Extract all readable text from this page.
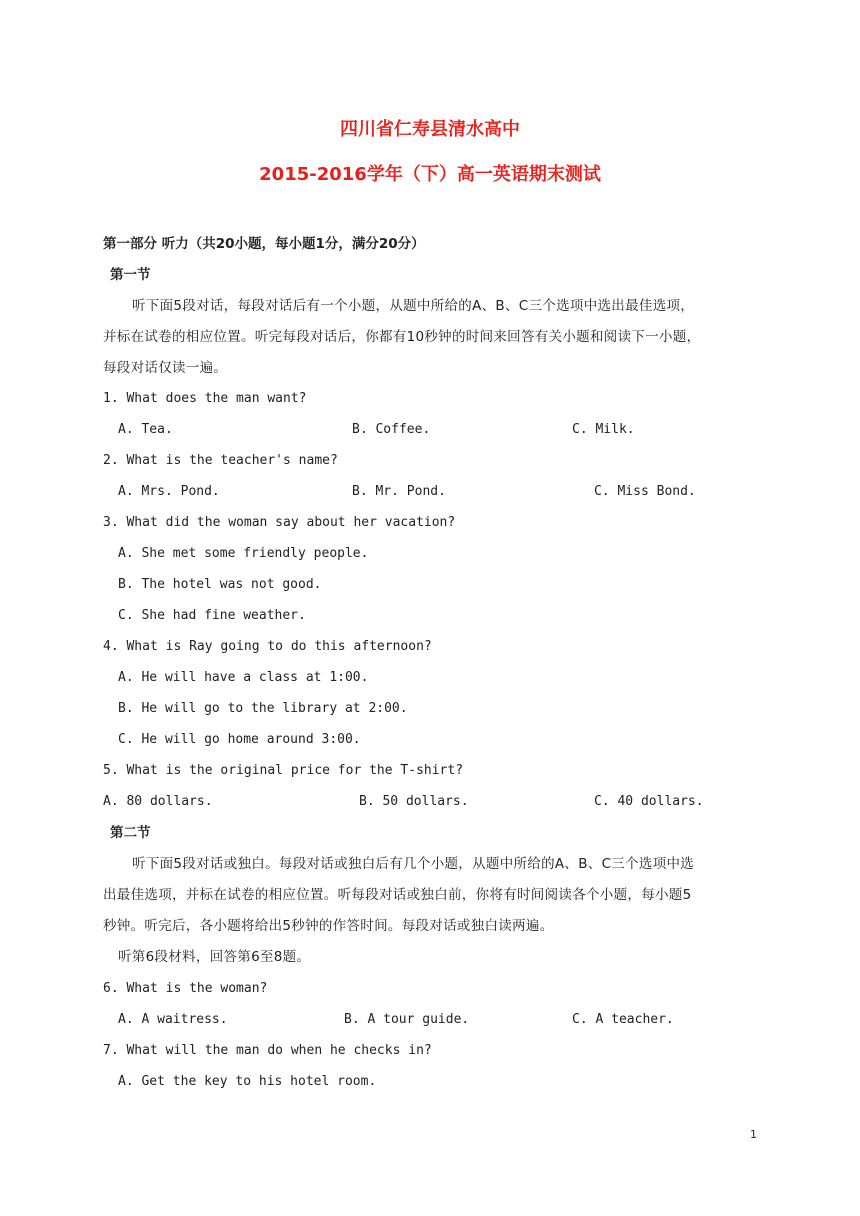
四川省仁寿县清水高中
2015-2016学年（下）高一英语期末测试
第一部分 听力（共20小题，每小题1分，满分20分）
第一节
听下面5段对话，每段对话后有一个小题，从题中所给的A、B、C三个选项中选出最佳选项，
并标在试卷的相应位置。听完每段对话后，你都有10秒钟的时间来回答有关小题和阅读下一小题，
每段对话仅读一遍。
1. What does the man want?
A. Tea.	B. Coffee.	C. Milk.
2. What is the teacher's name?
A. Mrs. Pond.	B. Mr. Pond.	C. Miss Bond.
3. What did the woman say about her vacation?
A. She met some friendly people.
B. The hotel was not good.
C. She had fine weather.
4. What is Ray going to do this afternoon?
A. He will have a class at 1:00.
B. He will go to the library at 2:00.
C. He will go home around 3:00.
5. What is the original price for the T-shirt?
A. 80 dollars.	B. 50 dollars.	C. 40 dollars.
第二节
听下面5段对话或独白。每段对话或独白后有几个小题，从题中所给的A、B、C三个选项中选
出最佳选项，并标在试卷的相应位置。听每段对话或独白前，你将有时间阅读各个小题，每小题5
秒钟。听完后，各小题将给出5秒钟的作答时间。每段对话或独白读两遍。
听第6段材料，回答第6至8题。
6. What is the woman?
A. A waitress.	B. A tour guide.	C. A teacher.
7. What will the man do when he checks in?
A. Get the key to his hotel room.
1
